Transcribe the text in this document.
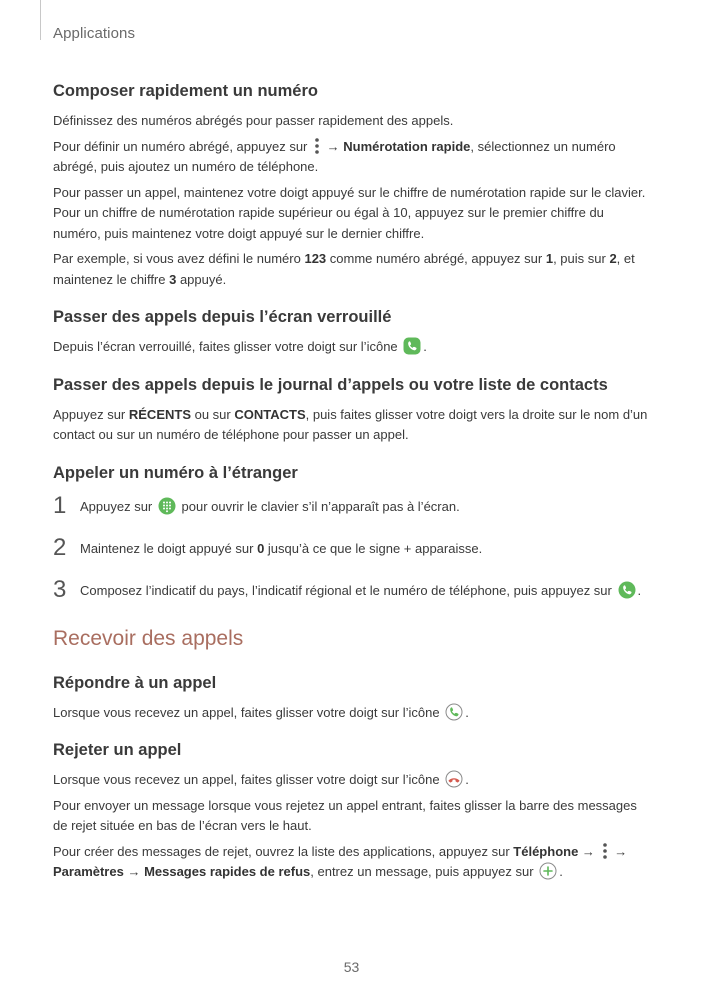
Applications
Composer rapidement un numéro

Définissez des numéros abrégés pour passer rapidement des appels.

Pour définir un numéro abrégé, appuyez sur → Numérotation rapide, sélectionnez un numéro abrégé, puis ajoutez un numéro de téléphone.

Pour passer un appel, maintenez votre doigt appuyé sur le chiffre de numérotation rapide sur le clavier. Pour un chiffre de numérotation rapide supérieur ou égal à 10, appuyez sur le premier chiffre du numéro, puis maintenez votre doigt appuyé sur le dernier chiffre.

Par exemple, si vous avez défini le numéro 123 comme numéro abrégé, appuyez sur 1, puis sur 2, et maintenez le chiffre 3 appuyé.

Passer des appels depuis l’écran verrouillé

Depuis l’écran verrouillé, faites glisser votre doigt sur l’icône .

Passer des appels depuis le journal d’appels ou votre liste de contacts

Appuyez sur RÉCENTS ou sur CONTACTS, puis faites glisser votre doigt vers la droite sur le nom d’un contact ou sur un numéro de téléphone pour passer un appel.

Appeler un numéro à l’étranger
1 Appuyez sur pour ouvrir le clavier s’il n’apparaît pas à l’écran.
2 Maintenez le doigt appuyé sur 0 jusqu’à ce que le signe + apparaisse.
3 Composez l’indicatif du pays, l’indicatif régional et le numéro de téléphone, puis appuyez sur .
Recevoir des appels
Répondre à un appel

Lorsque vous recevez un appel, faites glisser votre doigt sur l’icône .

Rejeter un appel

Lorsque vous recevez un appel, faites glisser votre doigt sur l’icône .

Pour envoyer un message lorsque vous rejetez un appel entrant, faites glisser la barre des messages de rejet située en bas de l’écran vers le haut.

Pour créer des messages de rejet, ouvrez la liste des applications, appuyez sur Téléphone → → Paramètres → Messages rapides de refus, entrez un message, puis appuyez sur .

53
